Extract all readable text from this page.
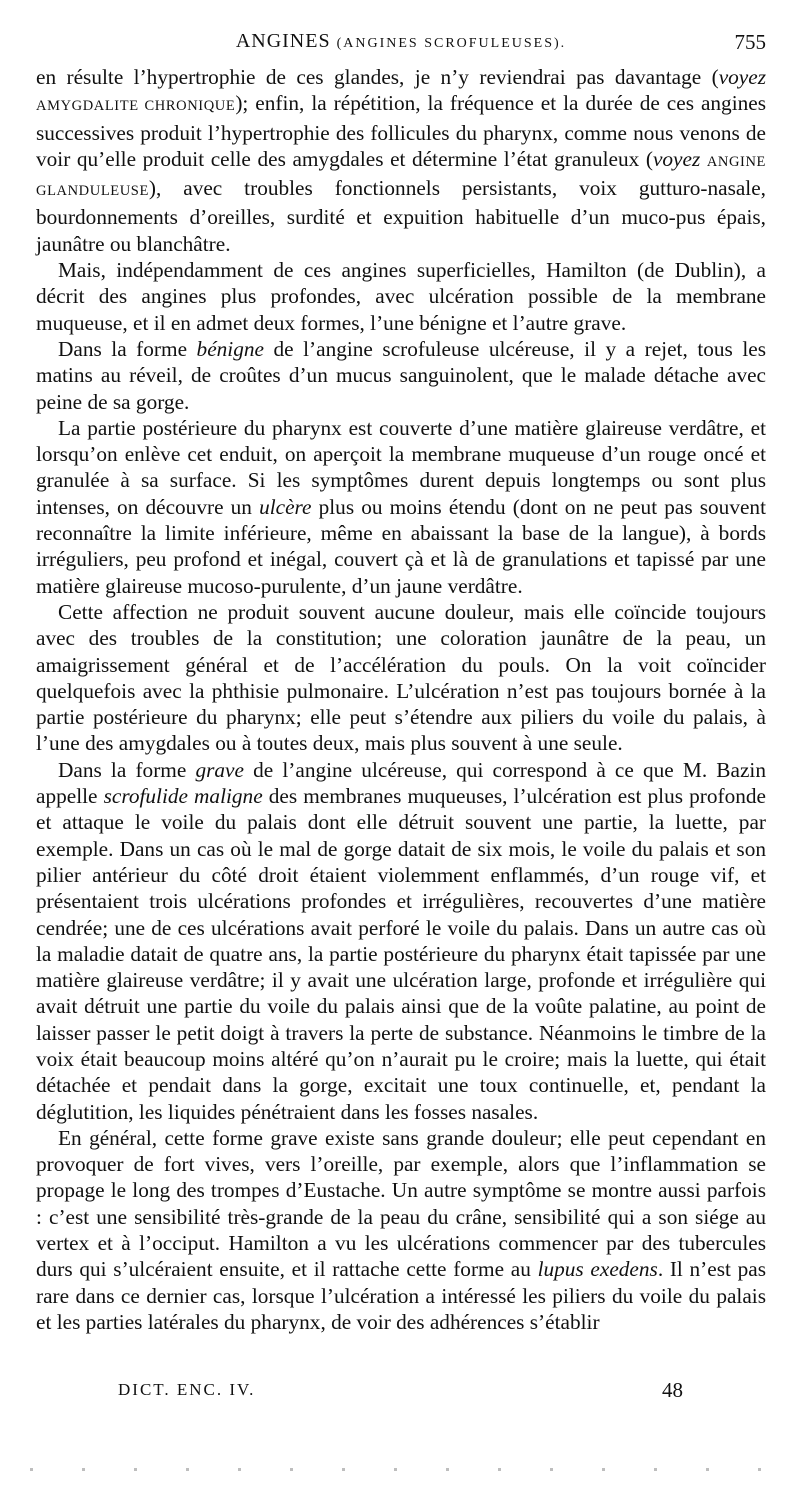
ANGINES (ANGINES SCROFULEUSES).	755

en résulte l’hypertrophie de ces glandes, je n’y reviendrai pas davantage (voyez AMYGDALITE CHRONIQUE); enfin, la répétition, la fréquence et la durée de ces angines successives produit l’hypertrophie des follicules du pharynx, comme nous venons de voir qu’elle produit celle des amygdales et détermine l’état granuleux (voyez ANGINE GLANDULEUSE), avec troubles fonctionnels persistants, voix gutturo-nasale, bourdonnements d’oreilles, surdité et expuition habituelle d’un muco-pus épais, jaunâtre ou blanchâtre.

Mais, indépendamment de ces angines superficielles, Hamilton (de Dublin), a décrit des angines plus profondes, avec ulcération possible de la membrane muqueuse, et il en admet deux formes, l’une bénigne et l’autre grave.

Dans la forme bénigne de l’angine scrofuleuse ulcéreuse, il y a rejet, tous les matins au réveil, de croûtes d’un mucus sanguinolent, que le malade détache avec peine de sa gorge.

La partie postérieure du pharynx est couverte d’une matière glaireuse verdâtre, et lorsqu’on enlève cet enduit, on aperçoit la membrane muqueuse d’un rouge oncé et granulée à sa surface. Si les symptômes durent depuis longtemps ou sont plus intenses, on découvre un ulcère plus ou moins étendu (dont on ne peut pas souvent reconnaître la limite inférieure, même en abaissant la base de la langue), à bords irréguliers, peu profond et inégal, couvert çà et là de granulations et tapissé par une matière glaireuse mucoso-purulente, d’un jaune verdâtre.

Cette affection ne produit souvent aucune douleur, mais elle coïncide toujours avec des troubles de la constitution; une coloration jaunâtre de la peau, un amaigrissement général et de l’accélération du pouls. On la voit coïncider quelquefois avec la phthisie pulmonaire. L’ulcération n’est pas toujours bornée à la partie postérieure du pharynx; elle peut s’étendre aux piliers du voile du palais, à l’une des amygdales ou à toutes deux, mais plus souvent à une seule.

Dans la forme grave de l’angine ulcéreuse, qui correspond à ce que M. Bazin appelle scrofulide maligne des membranes muqueuses, l’ulcération est plus profonde et attaque le voile du palais dont elle détruit souvent une partie, la luette, par exemple. Dans un cas où le mal de gorge datait de six mois, le voile du palais et son pilier antérieur du côté droit étaient violemment enflammés, d’un rouge vif, et présentaient trois ulcérations profondes et irrégulières, recouvertes d’une matière cendrée; une de ces ulcérations avait perforé le voile du palais. Dans un autre cas où la maladie datait de quatre ans, la partie postérieure du pharynx était tapissée par une matière glaireuse verdâtre; il y avait une ulcération large, profonde et irrégulière qui avait détruit une partie du voile du palais ainsi que de la voûte palatine, au point de laisser passer le petit doigt à travers la perte de substance. Néanmoins le timbre de la voix était beaucoup moins altéré qu’on n’aurait pu le croire; mais la luette, qui était détachée et pendait dans la gorge, excitait une toux continuelle, et, pendant la déglutition, les liquides pénétraient dans les fosses nasales.

En général, cette forme grave existe sans grande douleur; elle peut cependant en provoquer de fort vives, vers l’oreille, par exemple, alors que l’inflammation se propage le long des trompes d’Eustache. Un autre symptôme se montre aussi parfois : c’est une sensibilité très-grande de la peau du crâne, sensibilité qui a son siége au vertex et à l’occiput. Hamilton a vu les ulcérations commencer par des tubercules durs qui s’ulcéraient ensuite, et il rattache cette forme au lupus exedens. Il n’est pas rare dans ce dernier cas, lorsque l’ulcération a intéressé les piliers du voile du palais et les parties latérales du pharynx, de voir des adhérences s’établir

DICT. ENC. IV.	48
